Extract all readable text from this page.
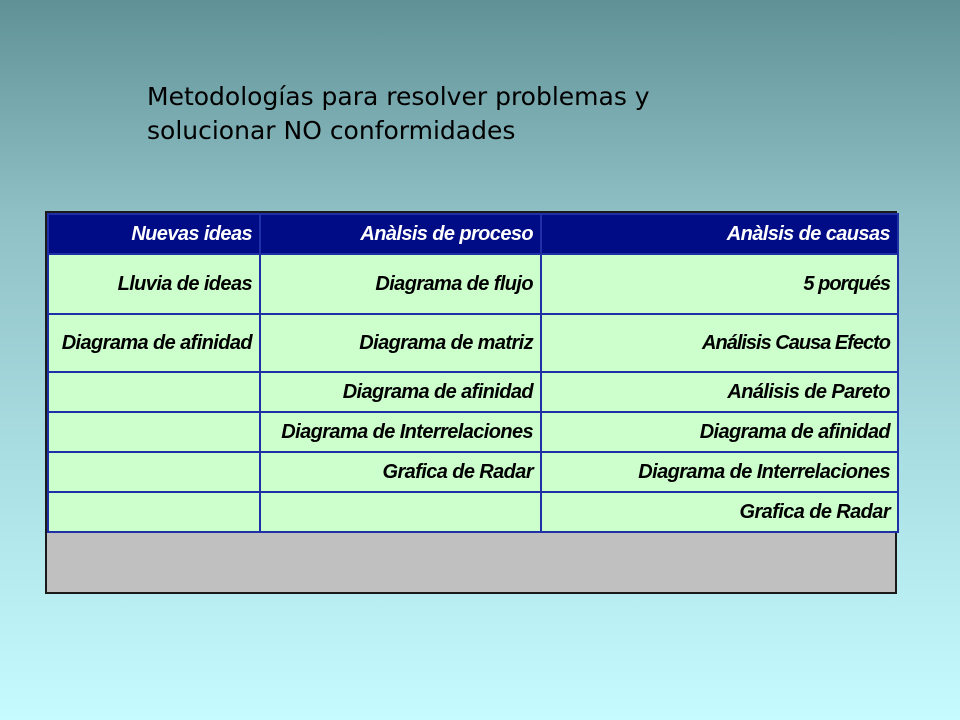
Metodologías para resolver problemas y
solucionar NO conformidades
Nuevas ideas	Anàlsis de proceso	Anàlsis de causas
Lluvia de ideas	Diagrama de flujo	5 porqués
Diagrama de afinidad	Diagrama de matriz	Análisis Causa Efecto
	Diagrama de afinidad	Análisis de Pareto
	Diagrama de Interrelaciones	Diagrama de afinidad
	Grafica de Radar	Diagrama de Interrelaciones
		Grafica de Radar
